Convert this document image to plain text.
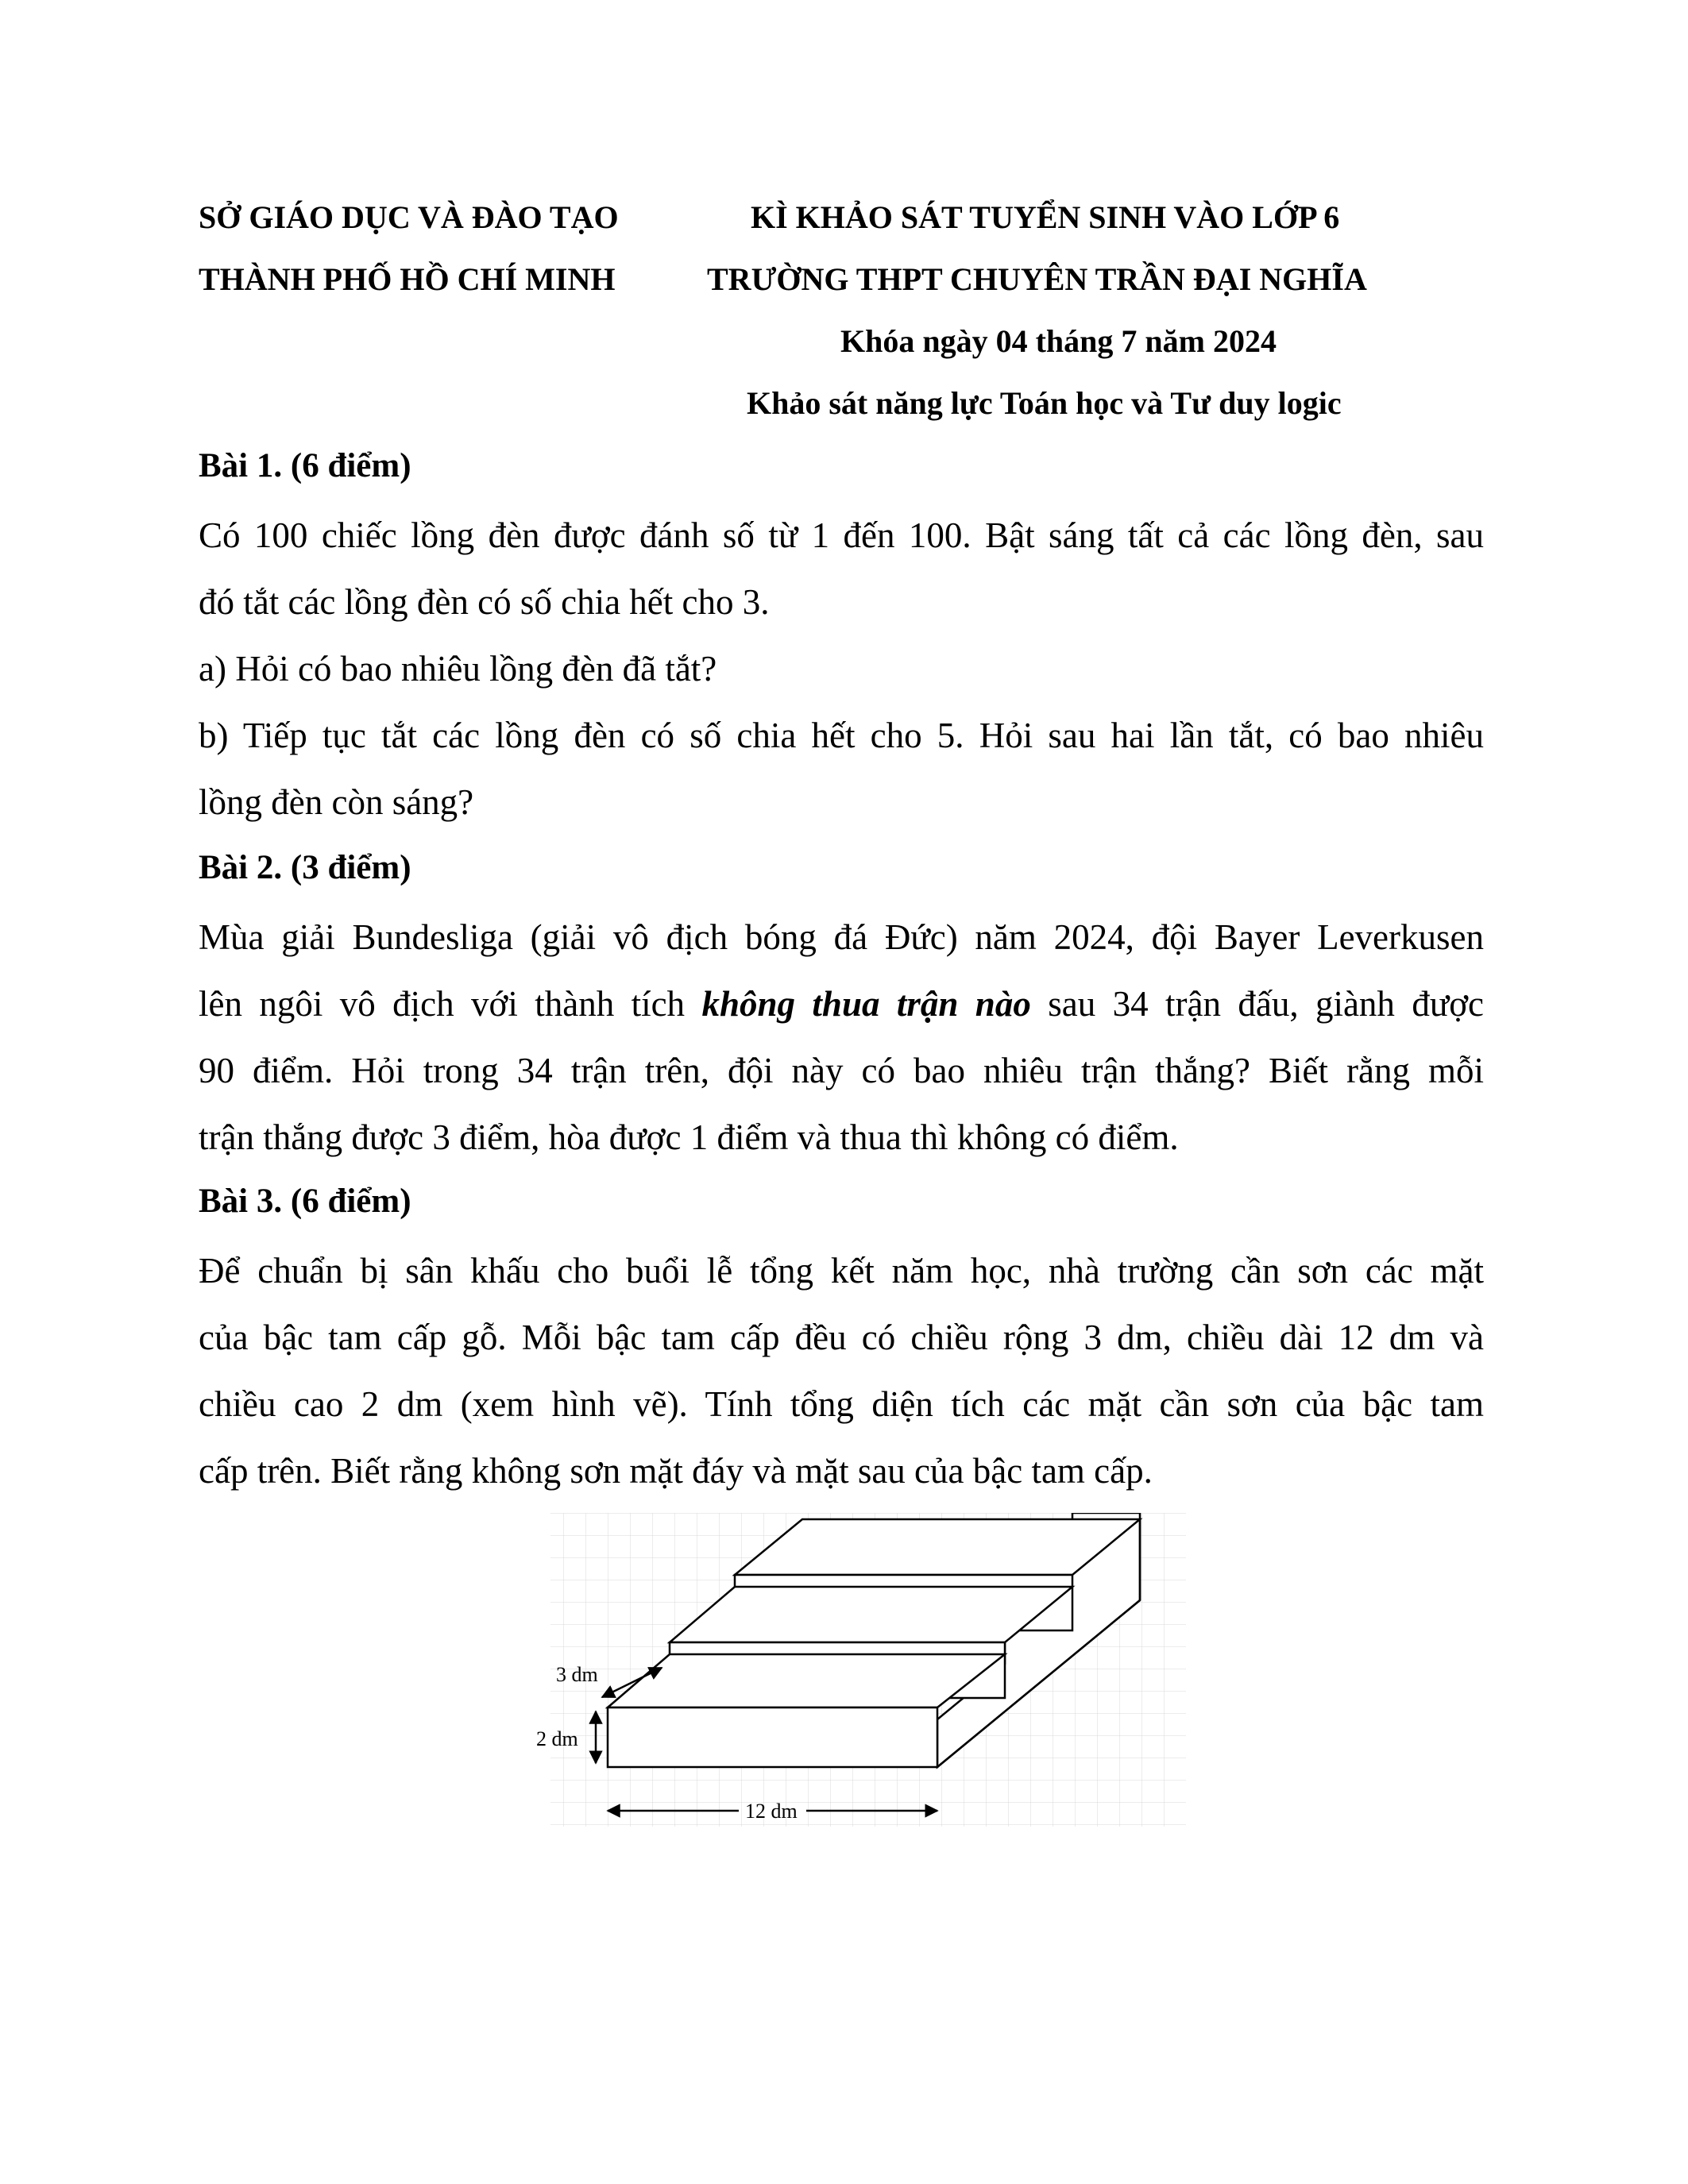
SỞ GIÁO DỤC VÀ ĐÀO TẠO
THÀNH PHỐ HỒ CHÍ MINH
KÌ KHẢO SÁT TUYỂN SINH VÀO LỚP 6
TRƯỜNG THPT CHUYÊN TRẦN ĐẠI NGHĨA
Khóa ngày 04 tháng 7 năm 2024
Khảo sát năng lực Toán học và Tư duy logic
Bài 1. (6 điểm)
Có 100 chiếc lồng đèn được đánh số từ 1 đến 100. Bật sáng tất cả các lồng đèn, sau
đó tắt các lồng đèn có số chia hết cho 3.
a) Hỏi có bao nhiêu lồng đèn đã tắt?
b) Tiếp tục tắt các lồng đèn có số chia hết cho 5. Hỏi sau hai lần tắt, có bao nhiêu
lồng đèn còn sáng?
Bài 2. (3 điểm)
Mùa giải Bundesliga (giải vô địch bóng đá Đức) năm 2024, đội Bayer Leverkusen
lên ngôi vô địch với thành tích không thua trận nào sau 34 trận đấu, giành được
90 điểm. Hỏi trong 34 trận trên, đội này có bao nhiêu trận thắng? Biết rằng mỗi
trận thắng được 3 điểm, hòa được 1 điểm và thua thì không có điểm.
Bài 3. (6 điểm)
Để chuẩn bị sân khấu cho buổi lễ tổng kết năm học, nhà trường cần sơn các mặt
của bậc tam cấp gỗ. Mỗi bậc tam cấp đều có chiều rộng 3 dm, chiều dài 12 dm và
chiều cao 2 dm (xem hình vẽ). Tính tổng diện tích các mặt cần sơn của bậc tam
cấp trên. Biết rằng không sơn mặt đáy và mặt sau của bậc tam cấp.
3 dm
2 dm
12 dm
